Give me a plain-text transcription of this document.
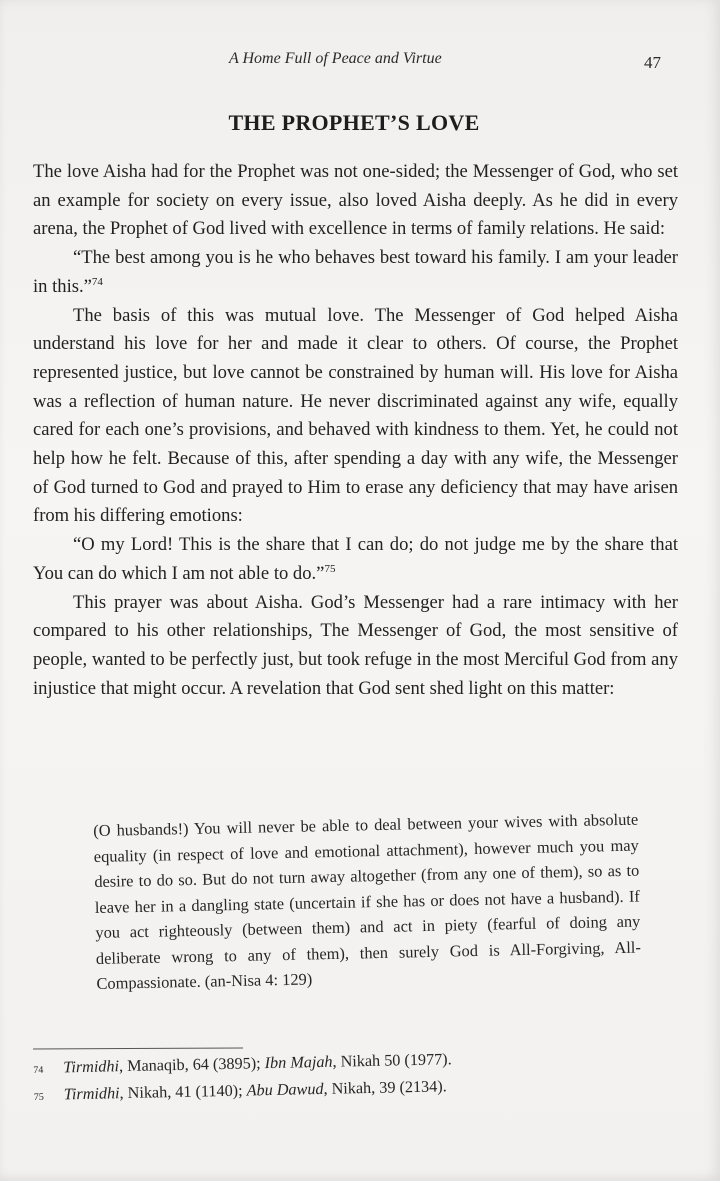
A Home Full of Peace and Virtue	47
THE PROPHET’S LOVE

The love Aisha had for the Prophet was not one-sided; the Messenger of God, who set an example for society on every issue, also loved Aisha deeply. As he did in every arena, the Prophet of God lived with excellence in terms of family relations. He said:

“The best among you is he who behaves best toward his family. I am your leader in this.”$^{74}$

The basis of this was mutual love. The Messenger of God helped Aisha understand his love for her and made it clear to others. Of course, the Prophet represented justice, but love cannot be constrained by human will. His love for Aisha was a reflection of human nature. He never discriminated against any wife, equally cared for each one’s provisions, and behaved with kindness to them. Yet, he could not help how he felt. Because of this, after spending a day with any wife, the Messenger of God turned to God and prayed to Him to erase any deficiency that may have arisen from his differing emotions:

“O my Lord! This is the share that I can do; do not judge me by the share that You can do which I am not able to do.”$^{75}$

This prayer was about Aisha. God’s Messenger had a rare intimacy with her compared to his other relationships, The Messenger of God, the most sensitive of people, wanted to be perfectly just, but took refuge in the most Merciful God from any injustice that might occur. A revelation that God sent shed light on this matter:

(O husbands!) You will never be able to deal between your wives with absolute equality (in respect of love and emotional attachment), however much you may desire to do so. But do not turn away altogether (from any one of them), so as to leave her in a dangling state (uncertain if she has or does not have a husband). If you act righteously (between them) and act in piety (fearful of doing any deliberate wrong to any of them), then surely God is All-Forgiving, All-Compassionate. (an-Nisa 4: 129)

74	Tirmidhi, Manaqib, 64 (3895); Ibn Majah, Nikah 50 (1977).
75	Tirmidhi, Nikah, 41 (1140); Abu Dawud, Nikah, 39 (2134).
